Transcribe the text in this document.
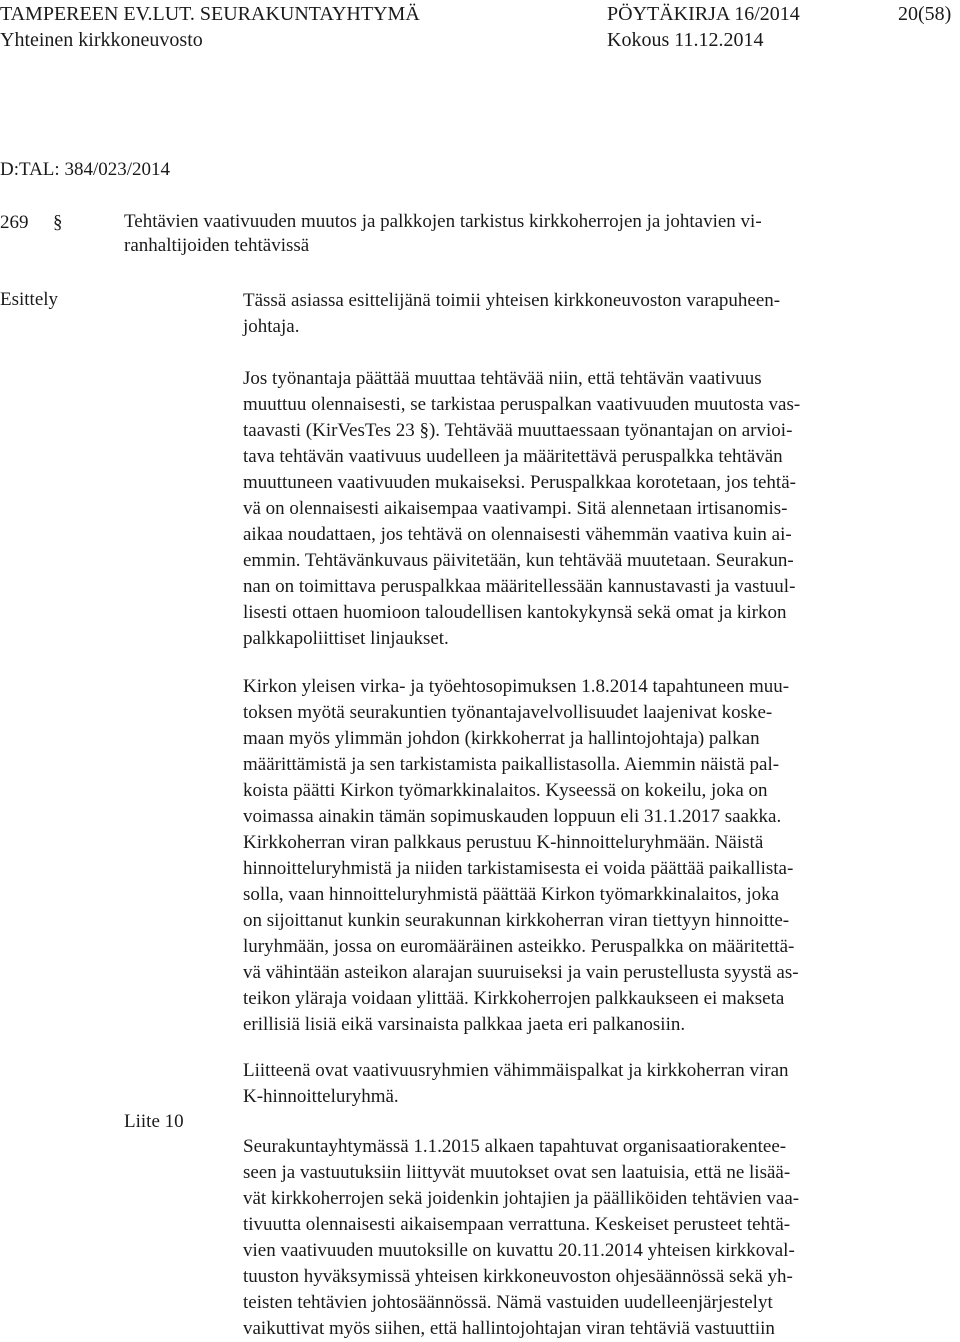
TAMPEREEN EV.LUT. SEURAKUNTAYHTYMÄ
Yhteinen kirkkoneuvosto
PÖYTÄKIRJA 16/2014
Kokous 11.12.2014
20(58)
D:TAL: 384/023/2014
269 §	Tehtävien vaativuuden muutos ja palkkojen tarkistus kirkkoherrojen ja johtavien vi-
ranhaltijoiden tehtävissä
Esittely
Liite 10
Tässä asiassa esittelijänä toimii yhteisen kirkkoneuvoston varapuheen-
johtaja.
Jos työnantaja päättää muuttaa tehtävää niin, että tehtävän vaativuus
muuttuu olennaisesti, se tarkistaa peruspalkan vaativuuden muutosta vas-
taavasti (KirVesTes 23 §). Tehtävää muuttaessaan työnantajan on arvioi-
tava tehtävän vaativuus uudelleen ja määritettävä peruspalkka tehtävän
muuttuneen vaativuuden mukaiseksi. Peruspalkkaa korotetaan, jos tehtä-
vä on olennaisesti aikaisempaa vaativampi. Sitä alennetaan irtisanomis-
aikaa noudattaen, jos tehtävä on olennaisesti vähemmän vaativa kuin ai-
emmin. Tehtävänkuvaus päivitetään, kun tehtävää muutetaan. Seurakun-
nan on toimittava peruspalkkaa määritellessään kannustavasti ja vastuul-
lisesti ottaen huomioon taloudellisen kantokykynsä sekä omat ja kirkon
palkkapoliittiset linjaukset.
Kirkon yleisen virka- ja työehtosopimuksen 1.8.2014 tapahtuneen muu-
toksen myötä seurakuntien työnantajavelvollisuudet laajenivat koske-
maan myös ylimmän johdon (kirkkoherrat ja hallintojohtaja) palkan
määrittämistä ja sen tarkistamista paikallistasolla. Aiemmin näistä pal-
koista päätti Kirkon työmarkkinalaitos. Kyseessä on kokeilu, joka on
voimassa ainakin tämän sopimuskauden loppuun eli 31.1.2017 saakka.
Kirkkoherran viran palkkaus perustuu K-hinnoitteluryhmään. Näistä
hinnoitteluryhmistä ja niiden tarkistamisesta ei voida päättää paikallista-
solla, vaan hinnoitteluryhmistä päättää Kirkon työmarkkinalaitos, joka
on sijoittanut kunkin seurakunnan kirkkoherran viran tiettyyn hinnoitte-
luryhmään, jossa on euromääräinen asteikko. Peruspalkka on määritettä-
vä vähintään asteikon alarajan suuruiseksi ja vain perustellusta syystä as-
teikon yläraja voidaan ylittää. Kirkkoherrojen palkkaukseen ei makseta
erillisiä lisiä eikä varsinaista palkkaa jaeta eri palkanosiin.
Liitteenä ovat vaativuusryhmien vähimmäispalkat ja kirkkoherran viran
K-hinnoitteluryhmä.
Seurakuntayhtymässä 1.1.2015 alkaen tapahtuvat organisaatiorakentee-
seen ja vastuutuksiin liittyvät muutokset ovat sen laatuisia, että ne lisää-
vät kirkkoherrojen sekä joidenkin johtajien ja päälliköiden tehtävien vaa-
tivuutta olennaisesti aikaisempaan verrattuna. Keskeiset perusteet tehtä-
vien vaativuuden muutoksille on kuvattu 20.11.2014 yhteisen kirkkoval-
tuuston hyväksymissä yhteisen kirkkoneuvoston ohjesäännössä sekä yh-
teisten tehtävien johtosäännössä. Nämä vastuiden uudelleenjärjestelyt
vaikuttivat myös siihen, että hallintojohtajan viran tehtäviä vastuuttiin
